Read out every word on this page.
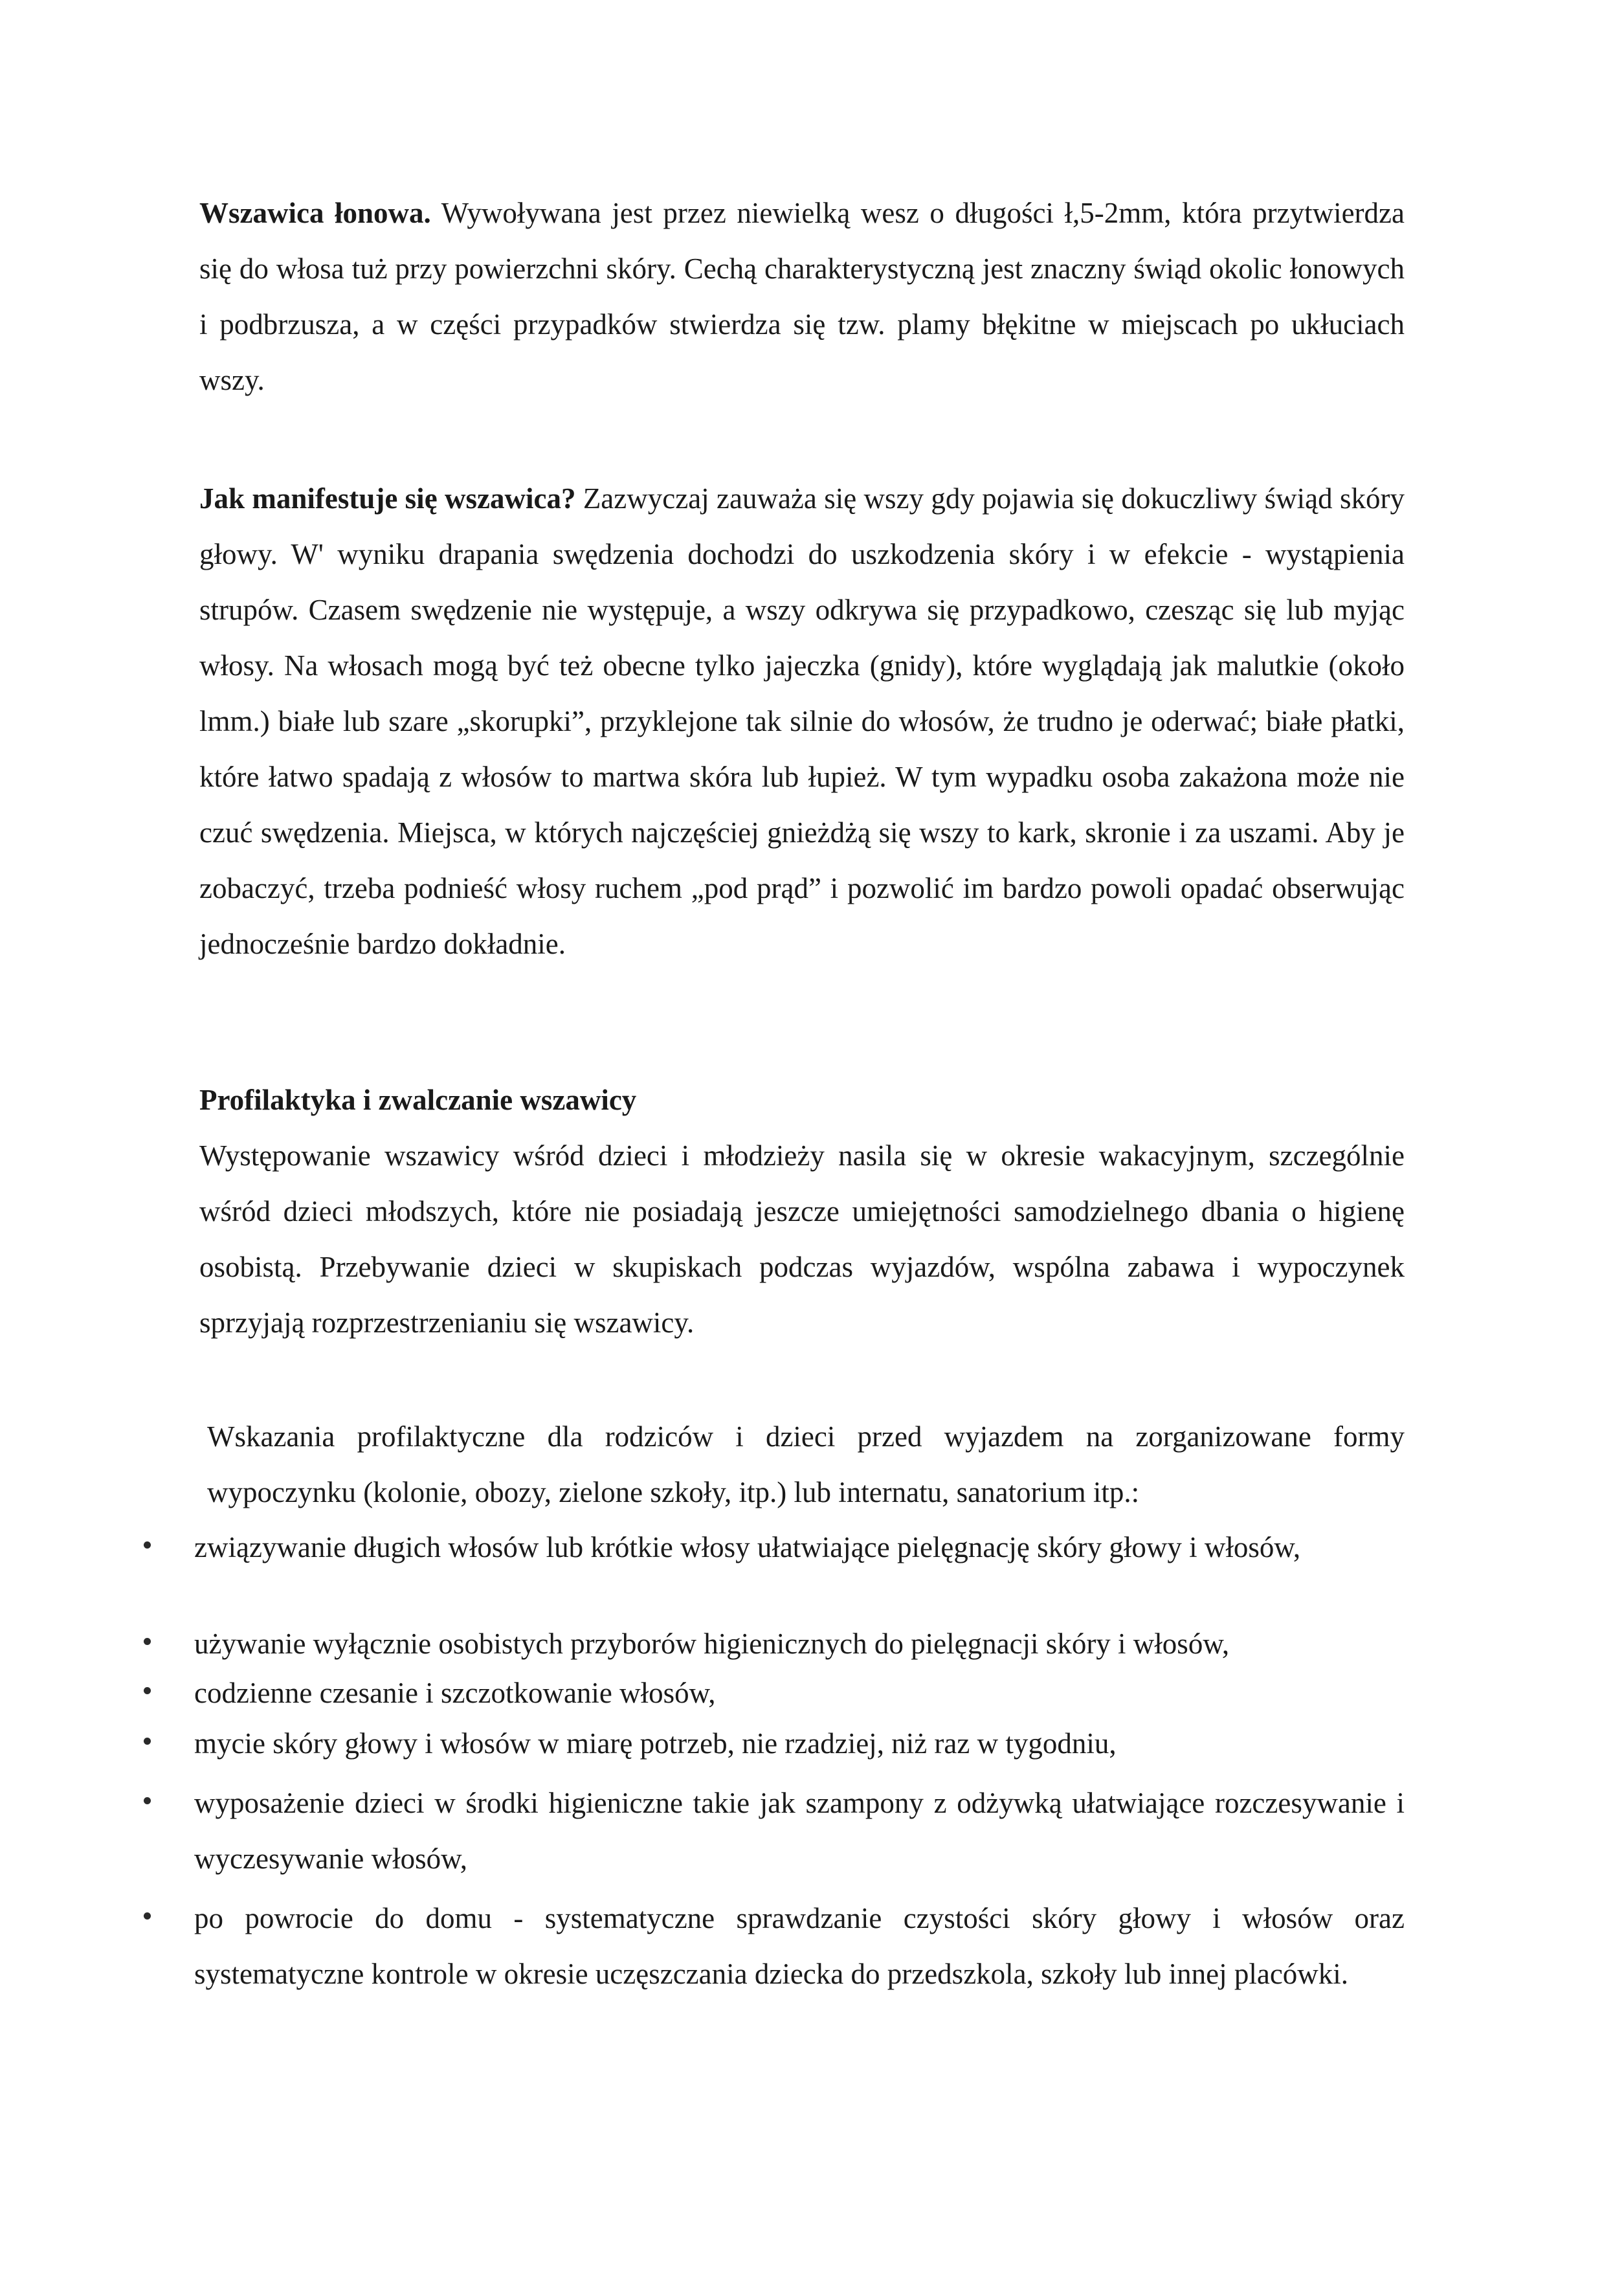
Wszawica łonowa. Wywoływana jest przez niewielką wesz o długości ł,5-2mm, która przytwierdza się do włosa tuż przy powierzchni skóry. Cechą charakterystyczną jest znaczny świąd okolic łonowych i podbrzusza, a w części przypadków stwierdza się tzw. plamy błękitne w miejscach po ukłuciach wszy.

Jak manifestuje się wszawica? Zazwyczaj zauważa się wszy gdy pojawia się dokuczliwy świąd skóry głowy. W' wyniku drapania swędzenia dochodzi do uszkodzenia skóry i w efekcie - wystąpienia strupów. Czasem swędzenie nie występuje, a wszy odkrywa się przypadkowo, czesząc się lub myjąc włosy. Na włosach mogą być też obecne tylko jajeczka (gnidy), które wyglądają jak malutkie (około lmm.) białe lub szare „skorupki”, przyklejone tak silnie do włosów, że trudno je oderwać; białe płatki, które łatwo spadają z włosów to martwa skóra lub łupież. W tym wypadku osoba zakażona może nie czuć swędzenia. Miejsca, w których najczęściej gnieżdżą się wszy to kark, skronie i za uszami. Aby je zobaczyć, trzeba podnieść włosy ruchem „pod prąd” i pozwolić im bardzo powoli opadać obserwując jednocześnie bardzo dokładnie.

Profilaktyka i zwalczanie wszawicy

Występowanie wszawicy wśród dzieci i młodzieży nasila się w okresie wakacyjnym, szczególnie wśród dzieci młodszych, które nie posiadają jeszcze umiejętności samodzielnego dbania o higienę osobistą. Przebywanie dzieci w skupiskach podczas wyjazdów, wspólna zabawa i wypoczynek sprzyjają rozprzestrzenianiu się wszawicy.

Wskazania profilaktyczne dla rodziców i dzieci przed wyjazdem na zorganizowane formy wypoczynku (kolonie, obozy, zielone szkoły, itp.) lub internatu, sanatorium itp.:

związywanie długich włosów lub krótkie włosy ułatwiające pielęgnację skóry głowy i włosów,

używanie wyłącznie osobistych przyborów higienicznych do pielęgnacji skóry i włosów,

codzienne czesanie i szczotkowanie włosów,

mycie skóry głowy i włosów w miarę potrzeb, nie rzadziej, niż raz w tygodniu,

wyposażenie dzieci w środki higieniczne takie jak szampony z odżywką ułatwiające rozczesywanie i wyczesywanie włosów,

po powrocie do domu - systematyczne sprawdzanie czystości skóry głowy i włosów oraz systematyczne kontrole w okresie uczęszczania dziecka do przedszkola, szkoły lub innej placówki.
